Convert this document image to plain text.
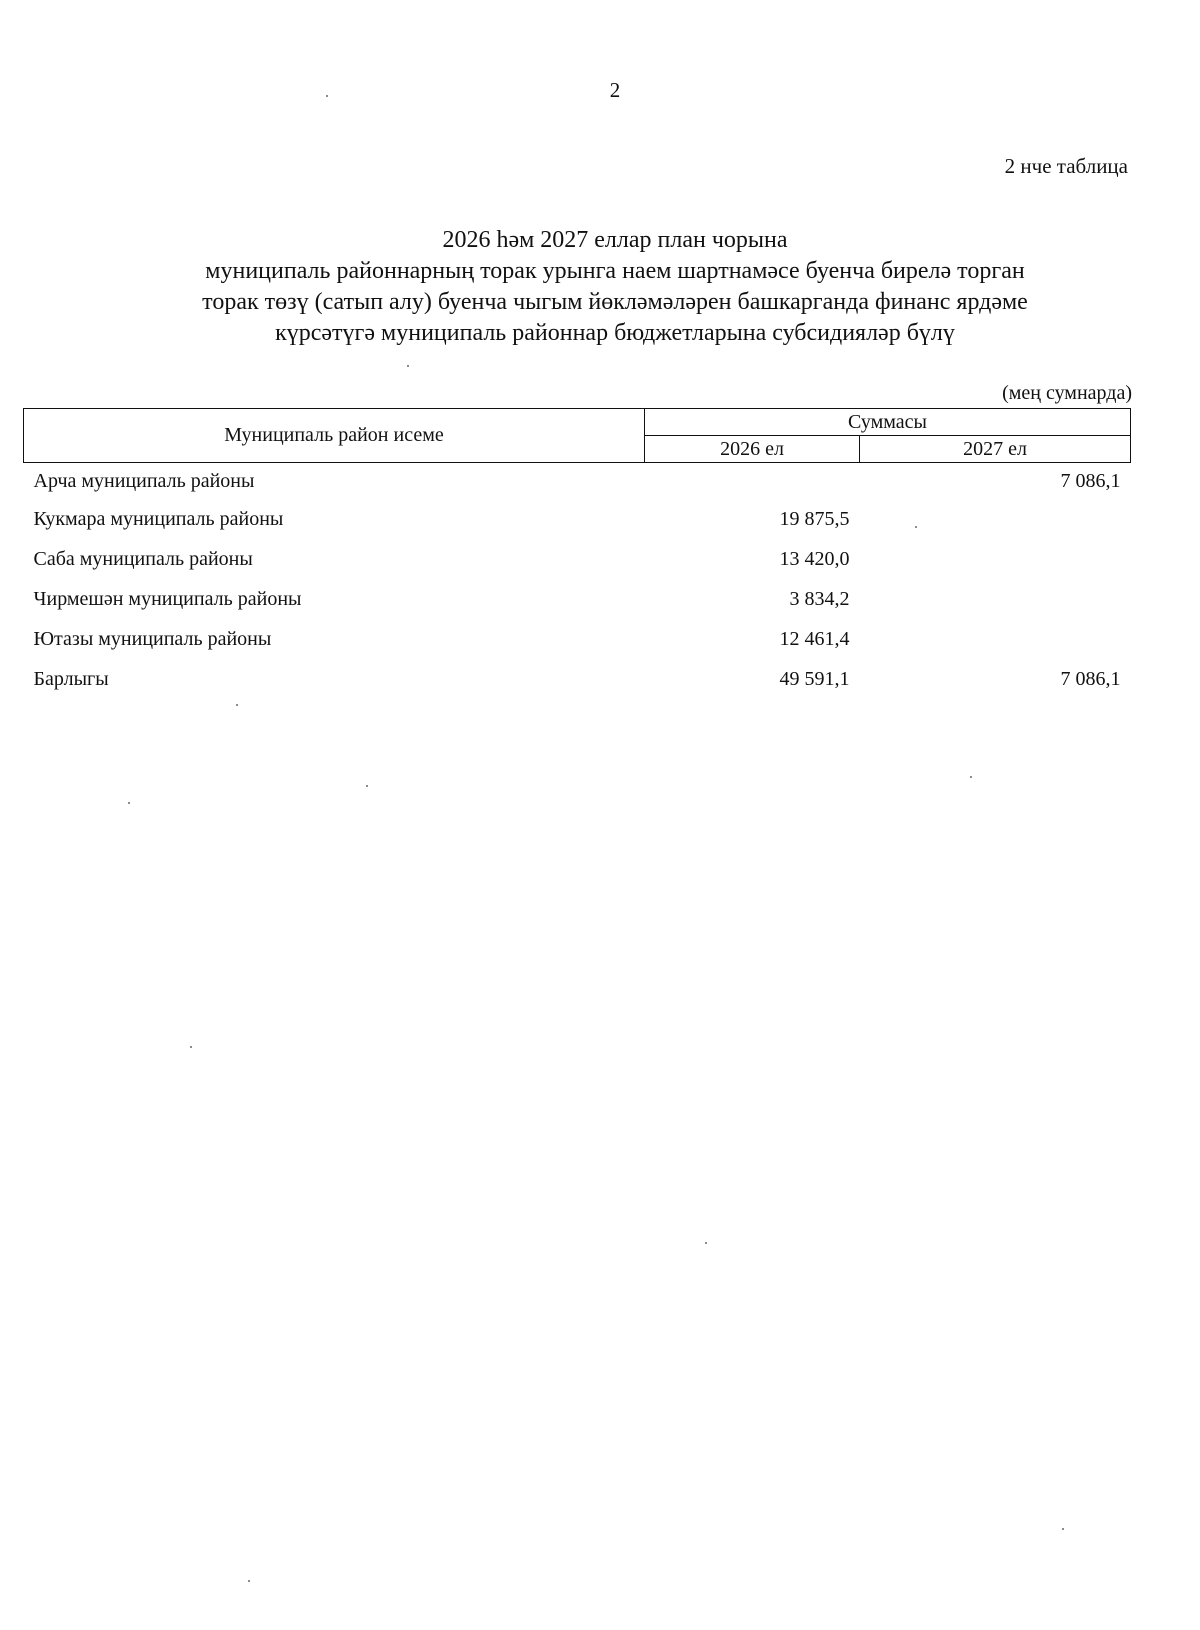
2
2 нче таблица
2026 һәм 2027 еллар план чорына
муниципаль районнарның торак урынга наем шартнамәсе буенча бирелә торган
торак төзү (сатып алу) буенча чыгым йөкләмәләрен башкарганда финанс ярдәме
күрсәтүгә муниципаль районнар бюджетларына субсидияләр бүлү
(мең сумнарда)
Муниципаль район исеме	Суммасы	
	2026 ел	2027 ел
Арча муниципаль районы		7 086,1
Кукмара муниципаль районы	19 875,5	
Саба муниципаль районы	13 420,0	
Чирмешән муниципаль районы	3 834,2	
Ютазы муниципаль районы	12 461,4	
Барлыгы	49 591,1	7 086,1
